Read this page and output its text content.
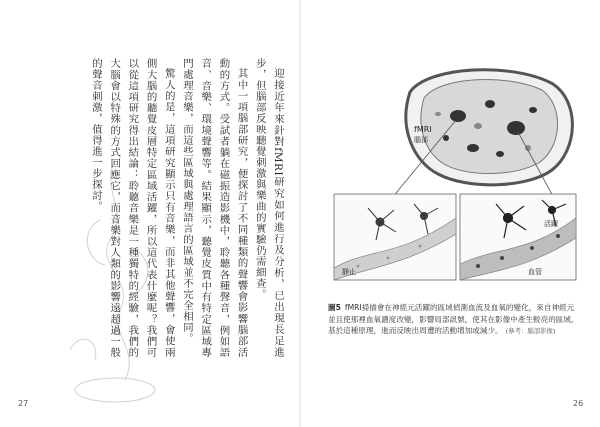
迎接近年來針對fMRI研究如何進行及分析，已出現長足進步，但腦部反映聽覺刺激與樂曲的實驗仍需細查。

其中一項腦部研究，便探討了不同種類的聲響會影響腦部活動的方式。受試者躺在磁振造影機中，聆聽各種聲音，例如語音、音樂、環境聲響等。結果顯示，聽覺皮質中有特定區域專門處理音樂，而這些區域與處理語言的區域並不完全相同。

驚人的是，這項研究顯示只有音樂，而非其他聲響，會使兩側大腦的聽覺皮層特定區域活躍，所以這代表什麼呢？我們可以從這項研究得出結論：聆聽音樂是一種獨特的經驗，我們的大腦會以特殊的方式回應它，而音樂對人類的影響遠超過一般的聲音刺激，值得進一步探討。	fMRI
腦部
靜止
活躍
血管
圖5 fMRI掃描會在神經元活躍的區域偵測血流及血氧的變化，來自神經元並且使那裡血氧濃度改變，影響局部訊號，使其在影像中產生較亮的區域。基於這種原理，進而反映出周遭的活動增加或減少。 (參考：腦部影像)
27	26
